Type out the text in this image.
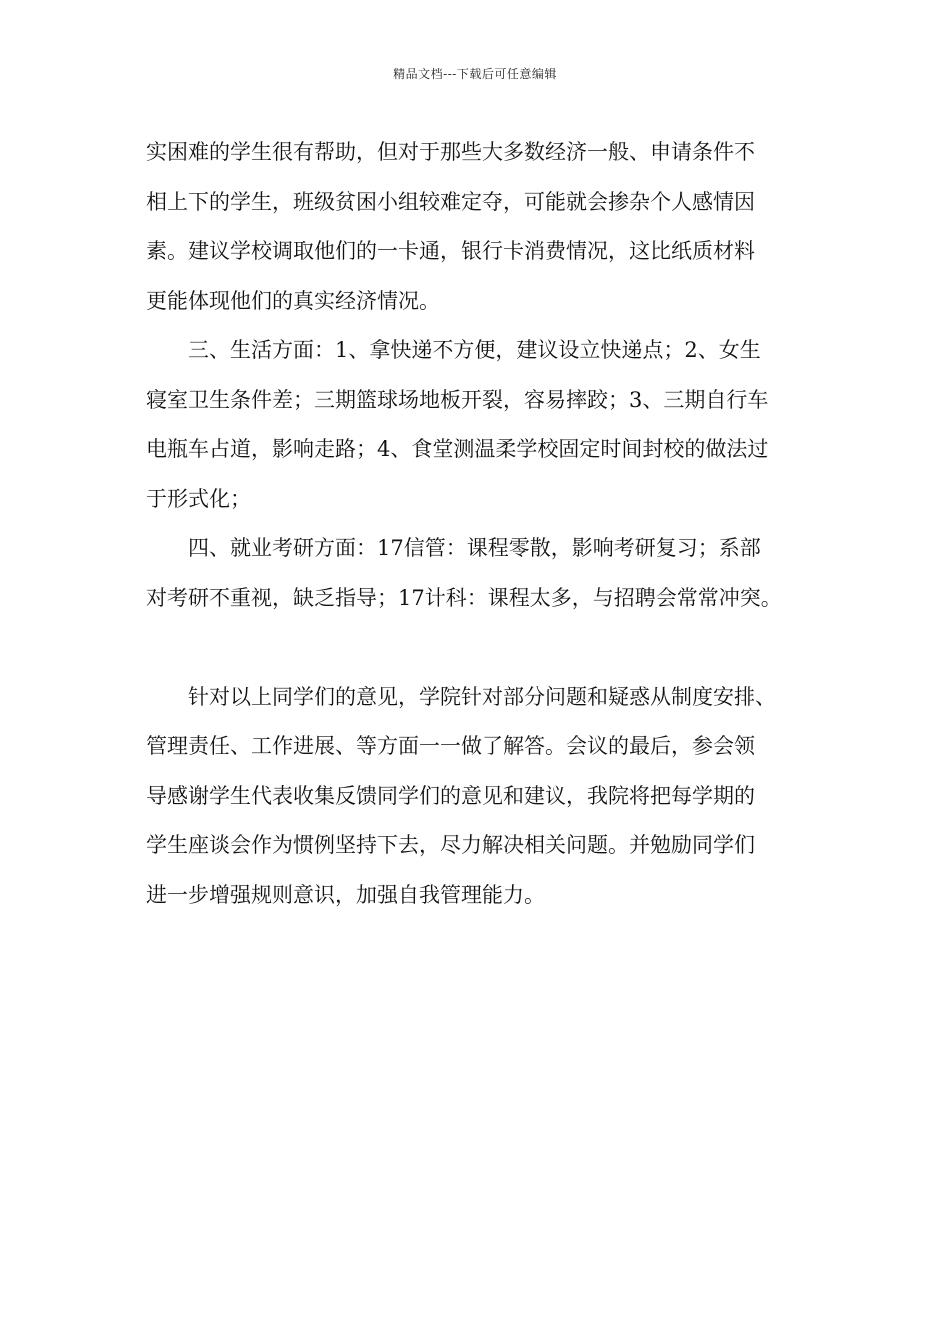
精品文档---下载后可任意编辑
实困难的学生很有帮助，但对于那些大多数经济一般、申请条件不
相上下的学生，班级贫困小组较难定夺，可能就会掺杂个人感情因
素。建议学校调取他们的一卡通，银行卡消费情况，这比纸质材料
更能体现他们的真实经济情况。
　　三、生活方面：1、拿快递不方便，建议设立快递点；2、女生
寝室卫生条件差；三期篮球场地板开裂，容易摔跤；3、三期自行车
电瓶车占道，影响走路；4、食堂测温柔学校固定时间封校的做法过
于形式化；
　　四、就业考研方面：17信管：课程零散，影响考研复习；系部
对考研不重视，缺乏指导；17计科：课程太多，与招聘会常常冲突。
　　针对以上同学们的意见，学院针对部分问题和疑惑从制度安排、
管理责任、工作进展、等方面一一做了解答。会议的最后，参会领
导感谢学生代表收集反馈同学们的意见和建议，我院将把每学期的
学生座谈会作为惯例坚持下去，尽力解决相关问题。并勉励同学们
进一步增强规则意识，加强自我管理能力。
